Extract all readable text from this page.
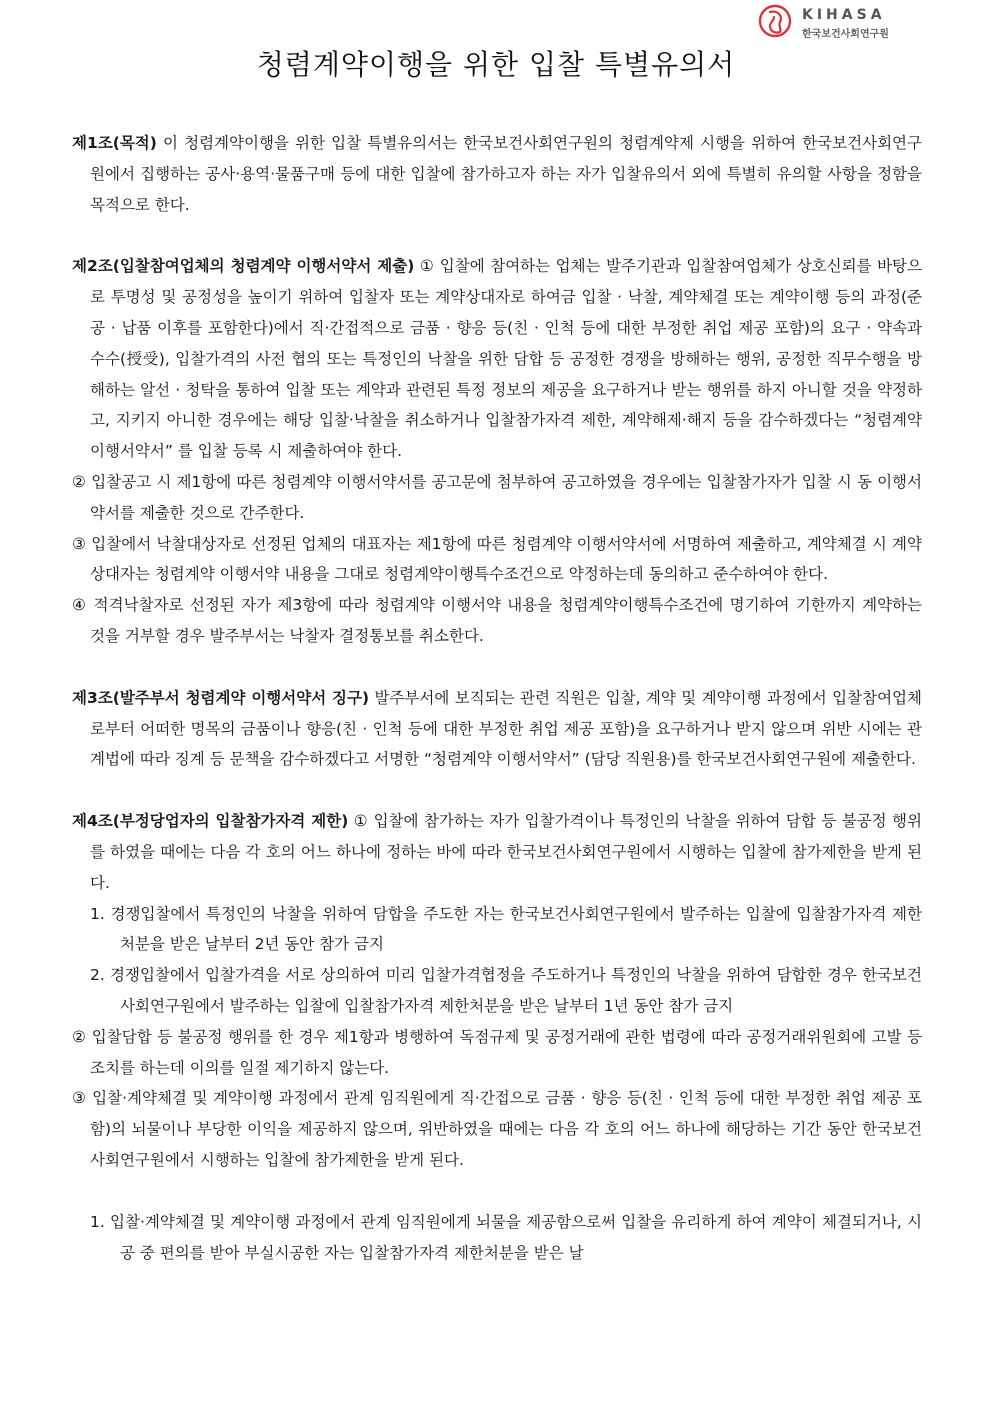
KIHASA
한국보건사회연구원
청렴계약이행을 위한 입찰 특별유의서

제1조(목적) 이 청렴계약이행을 위한 입찰 특별유의서는 한국보건사회연구원의 청렴계약제 시행을 위하여 한국보건사회연구원에서 집행하는 공사·용역·물품구매 등에 대한 입찰에 참가하고자 하는 자가 입찰유의서 외에 특별히 유의할 사항을 정함을 목적으로 한다.

제2조(입찰참여업체의 청렴계약 이행서약서 제출) ① 입찰에 참여하는 업체는 발주기관과 입찰참여업체가 상호신뢰를 바탕으로 투명성 및 공정성을 높이기 위하여 입찰자 또는 계약상대자로 하여금 입찰 · 낙찰, 계약체결 또는 계약이행 등의 과정(준공 · 납품 이후를 포함한다)에서 직·간접적으로 금품 · 향응 등(친 · 인척 등에 대한 부정한 취업 제공 포함)의 요구 · 약속과 수수(授受), 입찰가격의 사전 협의 또는 특정인의 낙찰을 위한 담합 등 공정한 경쟁을 방해하는 행위, 공정한 직무수행을 방해하는 알선 · 청탁을 통하여 입찰 또는 계약과 관련된 특정 정보의 제공을 요구하거나 받는 행위를 하지 아니할 것을 약정하고, 지키지 아니한 경우에는 해당 입찰·낙찰을 취소하거나 입찰참가자격 제한, 계약해제·해지 등을 감수하겠다는 “청렴계약 이행서약서” 를 입찰 등록 시 제출하여야 한다.

② 입찰공고 시 제1항에 따른 청렴계약 이행서약서를 공고문에 첨부하여 공고하였을 경우에는 입찰참가자가 입찰 시 동 이행서약서를 제출한 것으로 간주한다.

③ 입찰에서 낙찰대상자로 선정된 업체의 대표자는 제1항에 따른 청렴계약 이행서약서에 서명하여 제출하고, 계약체결 시 계약상대자는 청렴계약 이행서약 내용을 그대로 청렴계약이행특수조건으로 약정하는데 동의하고 준수하여야 한다.

④ 적격낙찰자로 선정된 자가 제3항에 따라 청렴계약 이행서약 내용을 청렴계약이행특수조건에 명기하여 기한까지 계약하는 것을 거부할 경우 발주부서는 낙찰자 결정통보를 취소한다.

제3조(발주부서 청렴계약 이행서약서 징구) 발주부서에 보직되는 관련 직원은 입찰, 계약 및 계약이행 과정에서 입찰참여업체로부터 어떠한 명목의 금품이나 향응(친 · 인척 등에 대한 부정한 취업 제공 포함)을 요구하거나 받지 않으며 위반 시에는 관계법에 따라 징계 등 문책을 감수하겠다고 서명한 “청렴계약 이행서약서” (담당 직원용)를 한국보건사회연구원에 제출한다.

제4조(부정당업자의 입찰참가자격 제한) ① 입찰에 참가하는 자가 입찰가격이나 특정인의 낙찰을 위하여 담합 등 불공정 행위를 하였을 때에는 다음 각 호의 어느 하나에 정하는 바에 따라 한국보건사회연구원에서 시행하는 입찰에 참가제한을 받게 된다.

1. 경쟁입찰에서 특정인의 낙찰을 위하여 담합을 주도한 자는 한국보건사회연구원에서 발주하는 입찰에 입찰참가자격 제한처분을 받은 날부터 2년 동안 참가 금지

2. 경쟁입찰에서 입찰가격을 서로 상의하여 미리 입찰가격협정을 주도하거나 특정인의 낙찰을 위하여 담합한 경우 한국보건사회연구원에서 발주하는 입찰에 입찰참가자격 제한처분을 받은 날부터 1년 동안 참가 금지

② 입찰담합 등 불공정 행위를 한 경우 제1항과 병행하여 독점규제 및 공정거래에 관한 법령에 따라 공정거래위원회에 고발 등 조치를 하는데 이의를 일절 제기하지 않는다.

③ 입찰·계약체결 및 계약이행 과정에서 관계 임직원에게 직·간접으로 금품 · 향응 등(친 · 인척 등에 대한 부정한 취업 제공 포함)의 뇌물이나 부당한 이익을 제공하지 않으며, 위반하였을 때에는 다음 각 호의 어느 하나에 해당하는 기간 동안 한국보건사회연구원에서 시행하는 입찰에 참가제한을 받게 된다.

1. 입찰·계약체결 및 계약이행 과정에서 관계 임직원에게 뇌물을 제공함으로써 입찰을 유리하게 하여 계약이 체결되거나, 시공 중 편의를 받아 부실시공한 자는 입찰참가자격 제한처분을 받은 날
